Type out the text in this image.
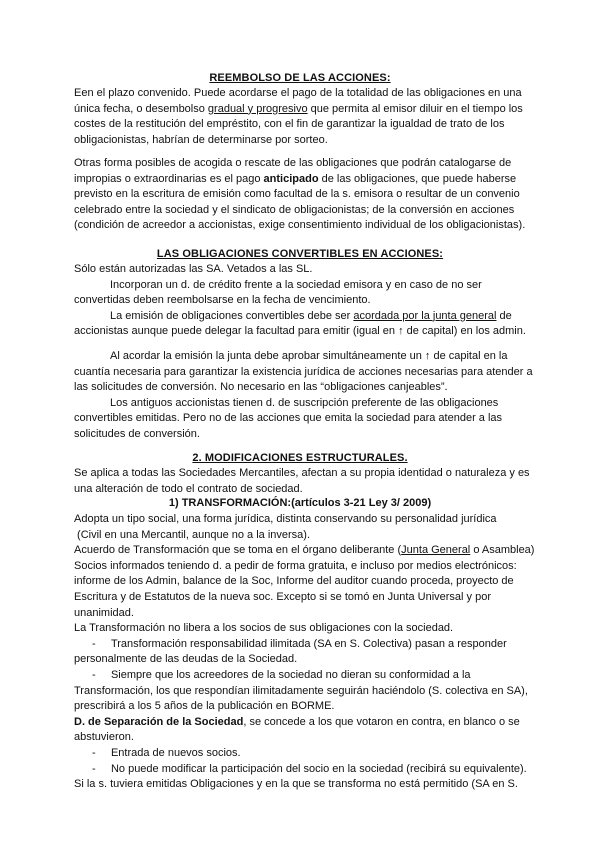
REEMBOLSO DE LAS ACCIONES:

Een el plazo convenido. Puede acordarse el pago de la totalidad de las obligaciones en una
única fecha, o desembolso gradual y progresivo que permita al emisor diluir en el tiempo los
costes de la restitución del empréstito, con el fin de garantizar la igualdad de trato de los
obligacionistas, habrían de determinarse por sorteo.
Otras forma posibles de acogida o rescate de las obligaciones que podrán catalogarse de
impropias o extraordinarias es el pago anticipado de las obligaciones, que puede haberse
previsto en la escritura de emisión como facultad de la s. emisora o resultar de un convenio
celebrado entre la sociedad y el sindicato de obligacionistas; de la conversión en acciones
(condición de acreedor a accionistas, exige consentimiento individual de los obligacionistas).

LAS OBLIGACIONES CONVERTIBLES EN ACCIONES:

Sólo están autorizadas las SA. Vetados a las SL.
Incorporan un d. de crédito frente a la sociedad emisora y en caso de no ser
convertidas deben reembolsarse en la fecha de vencimiento.
La emisión de obligaciones convertibles debe ser acordada por la junta general de
accionistas aunque puede delegar la facultad para emitir (igual en ↑ de capital) en los admin.
Al acordar la emisión la junta debe aprobar simultáneamente un ↑ de capital en la
cuantía necesaria para garantizar la existencia jurídica de acciones necesarias para atender a
las solicitudes de conversión. No necesario en las “obligaciones canjeables”.
Los antiguos accionistas tienen d. de suscripción preferente de las obligaciones
convertibles emitidas. Pero no de las acciones que emita la sociedad para atender a las
solicitudes de conversión.

2. MODIFICACIONES ESTRUCTURALES.

Se aplica a todas las Sociedades Mercantiles, afectan a su propia identidad o naturaleza y es
una alteración de todo el contrato de sociedad.

1) TRANSFORMACIÓN:(artículos 3-21 Ley 3/ 2009)

Adopta un tipo social, una forma jurídica, distinta conservando su personalidad jurídica
(Civil en una Mercantil, aunque no a la inversa).
Acuerdo de Transformación que se toma en el órgano deliberante (Junta General o Asamblea)
Socios informados teniendo d. a pedir de forma gratuita, e incluso por medios electrónicos:
informe de los Admin, balance de la Soc, Informe del auditor cuando proceda, proyecto de
Escritura y de Estatutos de la nueva soc. Excepto si se tomó en Junta Universal y por
unanimidad.
La Transformación no libera a los socios de sus obligaciones con la sociedad.
- Transformación responsabilidad ilimitada (SA en S. Colectiva) pasan a responder
personalmente de las deudas de la Sociedad.
- Siempre que los acreedores de la sociedad no dieran su conformidad a la
Transformación, los que respondían ilimitadamente seguirán haciéndolo (S. colectiva en SA),
prescribirá a los 5 años de la publicación en BORME.
D. de Separación de la Sociedad, se concede a los que votaron en contra, en blanco o se
abstuvieron.
- Entrada de nuevos socios.
- No puede modificar la participación del socio en la sociedad (recibirá su equivalente).
Si la s. tuviera emitidas Obligaciones y en la que se transforma no está permitido (SA en S.
